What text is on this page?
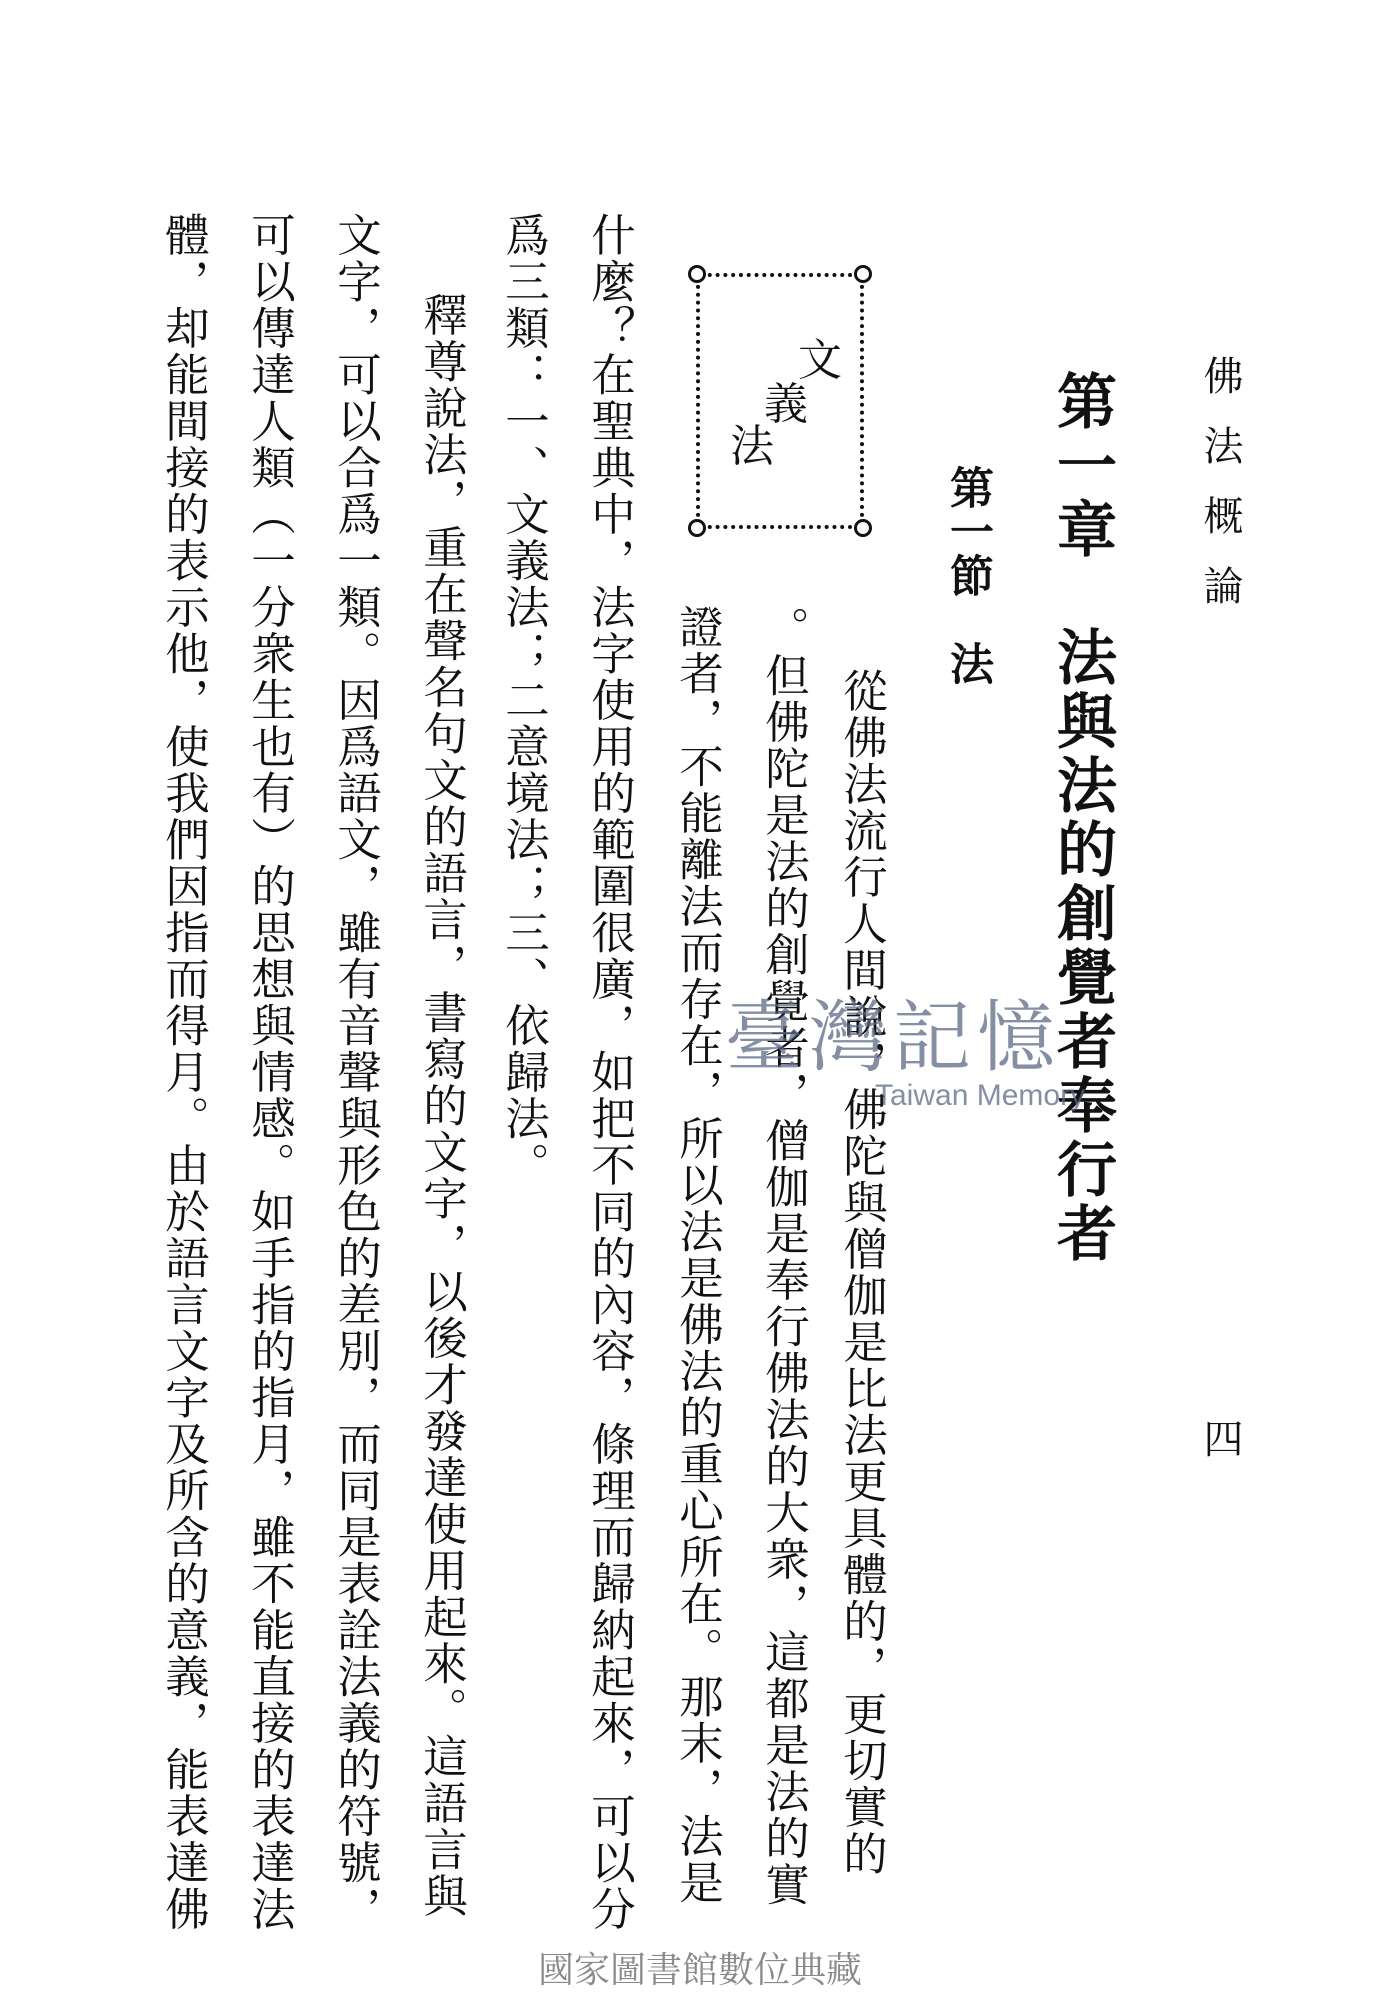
佛法概論
四
第一章　法與法的創覺者奉行者
第一節　法
文
義
法
從佛法流行人間說，佛陀與僧伽是比法更具體的，更切實的
。但佛陀是法的創覺者，僧伽是奉行佛法的大衆，這都是法的實
證者，不能離法而存在，所以法是佛法的重心所在。那末，法是
什麼？在聖典中，法字使用的範圍很廣，如把不同的內容，條理而歸納起來，可以分
爲三類：一、文義法；二意境法；三、依歸法。
釋尊說法，重在聲名句文的語言，書寫的文字，以後才發達使用起來。這語言與
文字，可以合爲一類。因爲語文，雖有音聲與形色的差別，而同是表詮法義的符號，
可以傳達人類（一分衆生也有）的思想與情感。如手指的指月，雖不能直接的表達法
體，却能間接的表示他，使我們因指而得月。由於語言文字及所含的意義，能表達佛	臺灣記憶
Taiwan Memory
國家圖書館數位典藏
